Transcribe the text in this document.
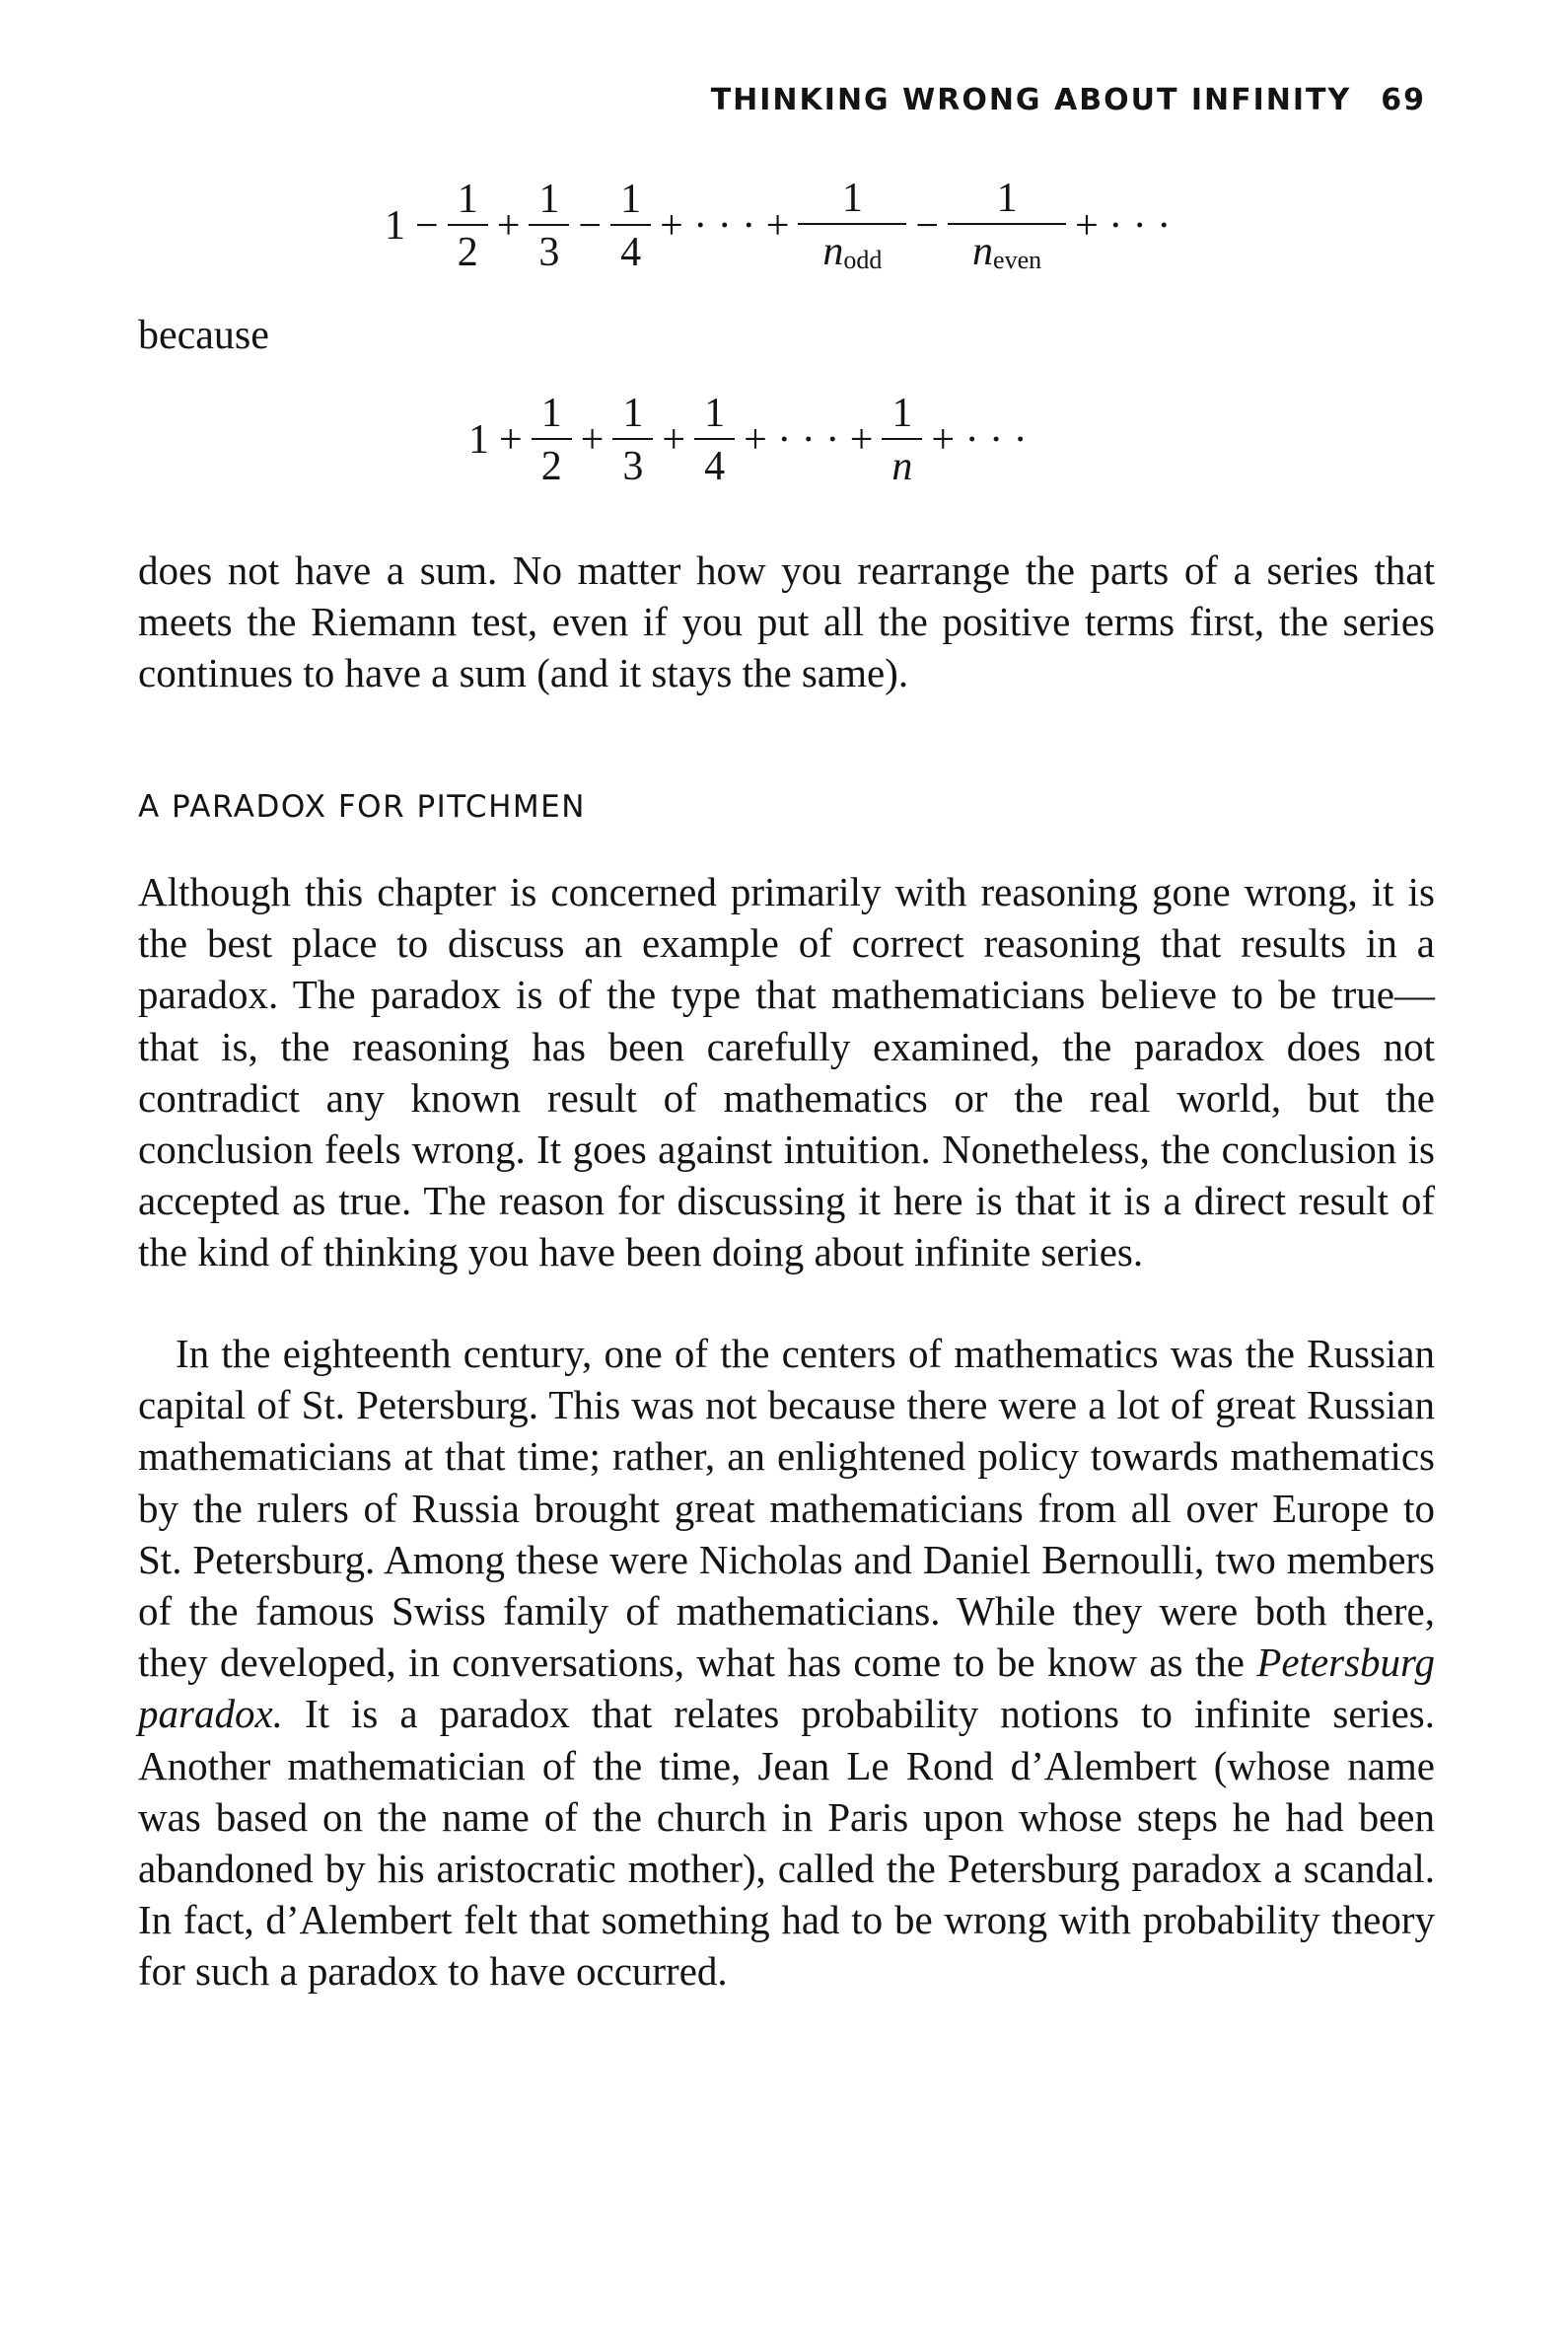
THINKING WRONG ABOUT INFINITY 69
$1 - \frac{1}{2} + \frac{1}{3} - \frac{1}{4}$ + · · · + $\frac{1}{n_{odd}} - \frac{1}{n_{even}}$ + · · ·
because
$1 + \frac{1}{2} + \frac{1}{3} + \frac{1}{4}$ + · · · + $\frac{1}{n}$ + · · ·

does not have a sum. No matter how you rearrange the parts of a series that meets the Riemann test, even if you put all the positive terms first, the series continues to have a sum (and it stays the same).

A PARADOX FOR PITCHMEN

Although this chapter is concerned primarily with reasoning gone wrong, it is the best place to discuss an example of correct reasoning that results in a paradox. The paradox is of the type that mathematicians believe to be true—that is, the reasoning has been carefully examined, the paradox does not contradict any known result of mathematics or the real world, but the conclusion feels wrong. It goes against intuition. Nonetheless, the conclusion is accepted as true. The reason for discussing it here is that it is a direct result of the kind of thinking you have been doing about infinite series.

In the eighteenth century, one of the centers of mathematics was the Russian capital of St. Petersburg. This was not because there were a lot of great Russian mathematicians at that time; rather, an enlightened policy towards mathematics by the rulers of Russia brought great mathematicians from all over Europe to St. Petersburg. Among these were Nicholas and Daniel Bernoulli, two members of the famous Swiss family of mathematicians. While they were both there, they developed, in conversations, what has come to be know as the Petersburg paradox. It is a paradox that relates probability notions to infinite series. Another mathematician of the time, Jean Le Rond d’Alembert (whose name was based on the name of the church in Paris upon whose steps he had been abandoned by his aristocratic mother), called the Petersburg paradox a scandal. In fact, d’Alembert felt that something had to be wrong with probability theory for such a paradox to have occurred.
